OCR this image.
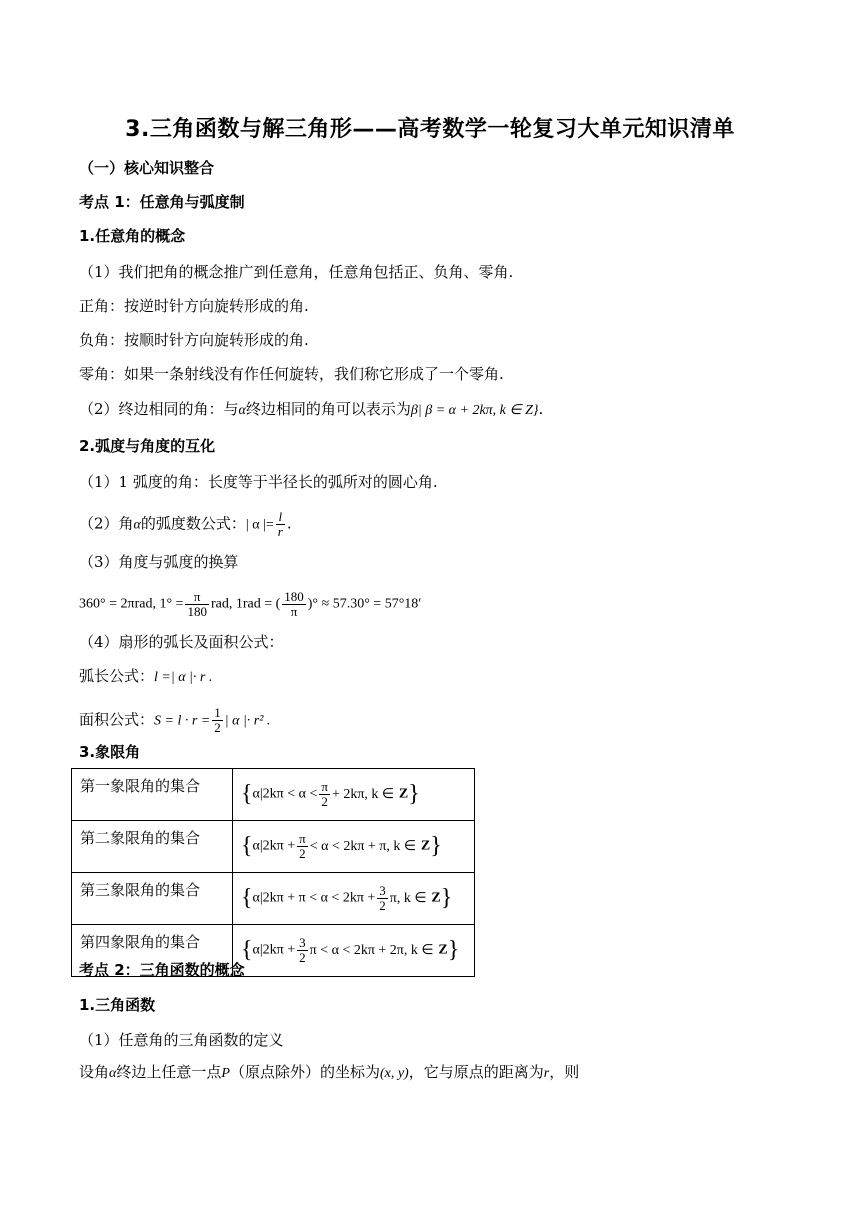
3.三角函数与解三角形——高考数学一轮复习大单元知识清单
（一）核心知识整合
考点 1：任意角与弧度制
1.任意角的概念
（1）我们把角的概念推广到任意角，任意角包括正、负角、零角.
正角：按逆时针方向旋转形成的角.
负角：按顺时针方向旋转形成的角.
零角：如果一条射线没有作任何旋转，我们称它形成了一个零角.
（2）终边相同的角：与α终边相同的角可以表示为β| β = α + 2kπ, k ∈ Z}.
2.弧度与角度的互化
（1）1 弧度的角：长度等于半径长的弧所对的圆心角.
（2）角α的弧度数公式：| α |= $\frac{l}{r}$ .
（3）角度与弧度的换算
360° = 2πrad, $1^\circ = \frac{\pi}{180}$ rad, 1rad = ( $\frac{180}{\pi}$ )° ≈ 57.30° = 57°18′
（4）扇形的弧长及面积公式：
弧长公式：l =| α |· r .
面积公式：$S = l \cdot r = \frac{1}{2}$ | α |· r² .
3.象限角
第一象限角的集合	{$\alpha|2k\pi < \alpha < \frac{\pi}{2} + 2k\pi$, k ∈ Z}
第二象限角的集合	{$\alpha|2k\pi + \frac{\pi}{2} < \alpha < 2k\pi + \pi$, k ∈ Z}
第三象限角的集合	{$\alpha|2k\pi + \pi < \alpha < 2k\pi + \frac{3}{2} \pi$, k ∈ Z}
第四象限角的集合	{$\alpha|2k\pi + \frac{3}{2}$ π < α < 2kπ + 2π, k ∈ Z}
考点 2：三角函数的概念
1.三角函数
（1）任意角的三角函数的定义
设角α终边上任意一点P（原点除外）的坐标为(x, y)，它与原点的距离为r，则
